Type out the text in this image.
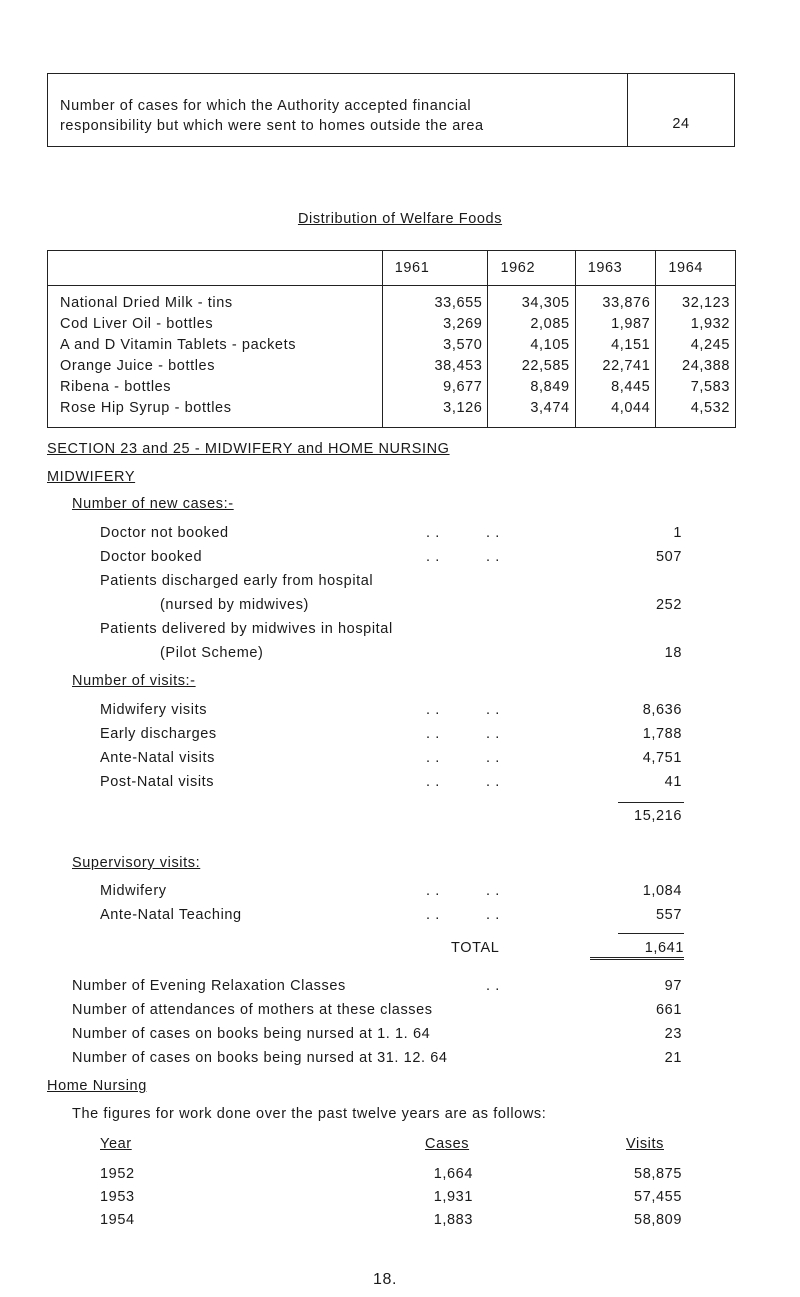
Number of cases for which the Authority accepted financial
responsibility but which were sent to homes outside the area	24
Distribution of Welfare Foods
	1961	1962	1963	1964
National Dried Milk - tins	33,655	34,305	33,876	32,123
Cod Liver Oil - bottles	3,269	2,085	1,987	1,932
A and D Vitamin Tablets - packets	3,570	4,105	4,151	4,245
Orange Juice - bottles	38,453	22,585	22,741	24,388
Ribena - bottles	9,677	8,849	8,445	7,583
Rose Hip Syrup - bottles	3,126	3,474	4,044	4,532
SECTION 23 and 25 - MIDWIFERY and HOME NURSING
MIDWIFERY
Number of new cases:-
Doctor not booked	. .	. .	1
Doctor booked	. .	. .	507
Patients discharged early from hospital
(nursed by midwives)	252
Patients delivered by midwives in hospital
(Pilot Scheme)	18
Number of visits:-
Midwifery visits	. .	. .	8,636
Early discharges	. .	. .	1,788
Ante-Natal visits	. .	. .	4,751
Post-Natal visits	. .	. .	41
15,216
Supervisory visits:
Midwifery	. .	. .	1,084
Ante-Natal Teaching	. .	. .	557
TOTAL	1,641
Number of Evening Relaxation Classes	. .	97
Number of attendances of mothers at these classes	661
Number of cases on books being nursed at 1. 1. 64	23
Number of cases on books being nursed at 31. 12. 64	21
Home Nursing
The figures for work done over the past twelve years are as follows:
Year	Cases	Visits
1952	1,664	58,875
1953	1,931	57,455
1954	1,883	58,809
18.
